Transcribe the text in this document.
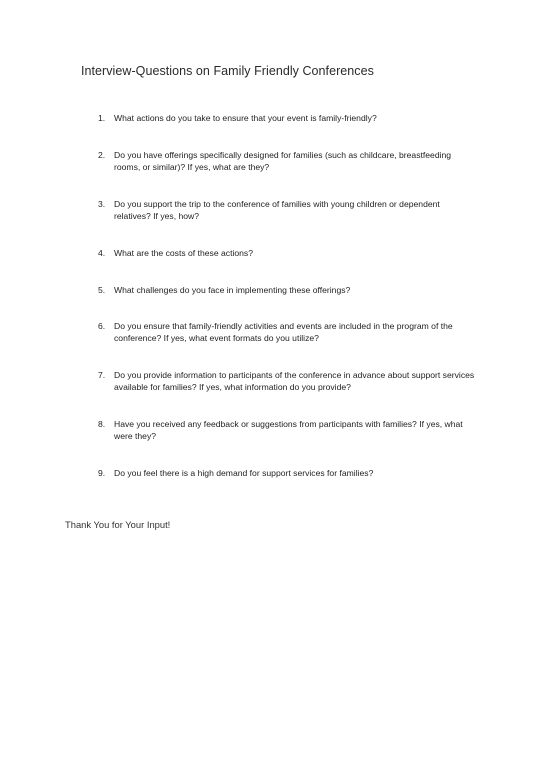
Interview-Questions on Family Friendly Conferences
1.	What actions do you take to ensure that your event is family-friendly?
2.	Do you have offerings specifically designed for families (such as childcare, breastfeeding rooms, or similar)? If yes, what are they?
3.	Do you support the trip to the conference of families with young children or dependent relatives? If yes, how?
4.	What are the costs of these actions?
5.	What challenges do you face in implementing these offerings?
6.	Do you ensure that family-friendly activities and events are included in the program of the conference? If yes, what event formats do you utilize?
7.	Do you provide information to participants of the conference in advance about support services available for families? If yes, what information do you provide?
8.	Have you received any feedback or suggestions from participants with families? If yes, what were they?
9.	Do you feel there is a high demand for support services for families?
Thank You for Your Input!
